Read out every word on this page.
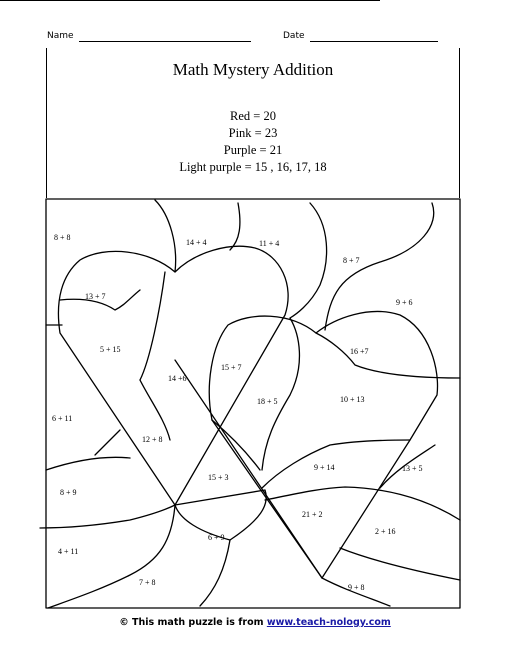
Name	Date
Math Mystery Addition
Red = 20
Pink = 23
Purple = 21
Light purple = 15 , 16, 17, 18
8 + 8
14 + 4	11 + 4
8 + 7
13 + 7
9 + 6
5 + 15
14 +6
15 + 7
16 +7
18 + 5	10 + 13
6 + 11
12 + 8
9 + 14	13 + 5
15 + 3
8 + 9
21 + 2
2 + 16
6 + 9
4 + 11
7 + 8
9 + 8
© This math puzzle is from www.teach-nology.com
